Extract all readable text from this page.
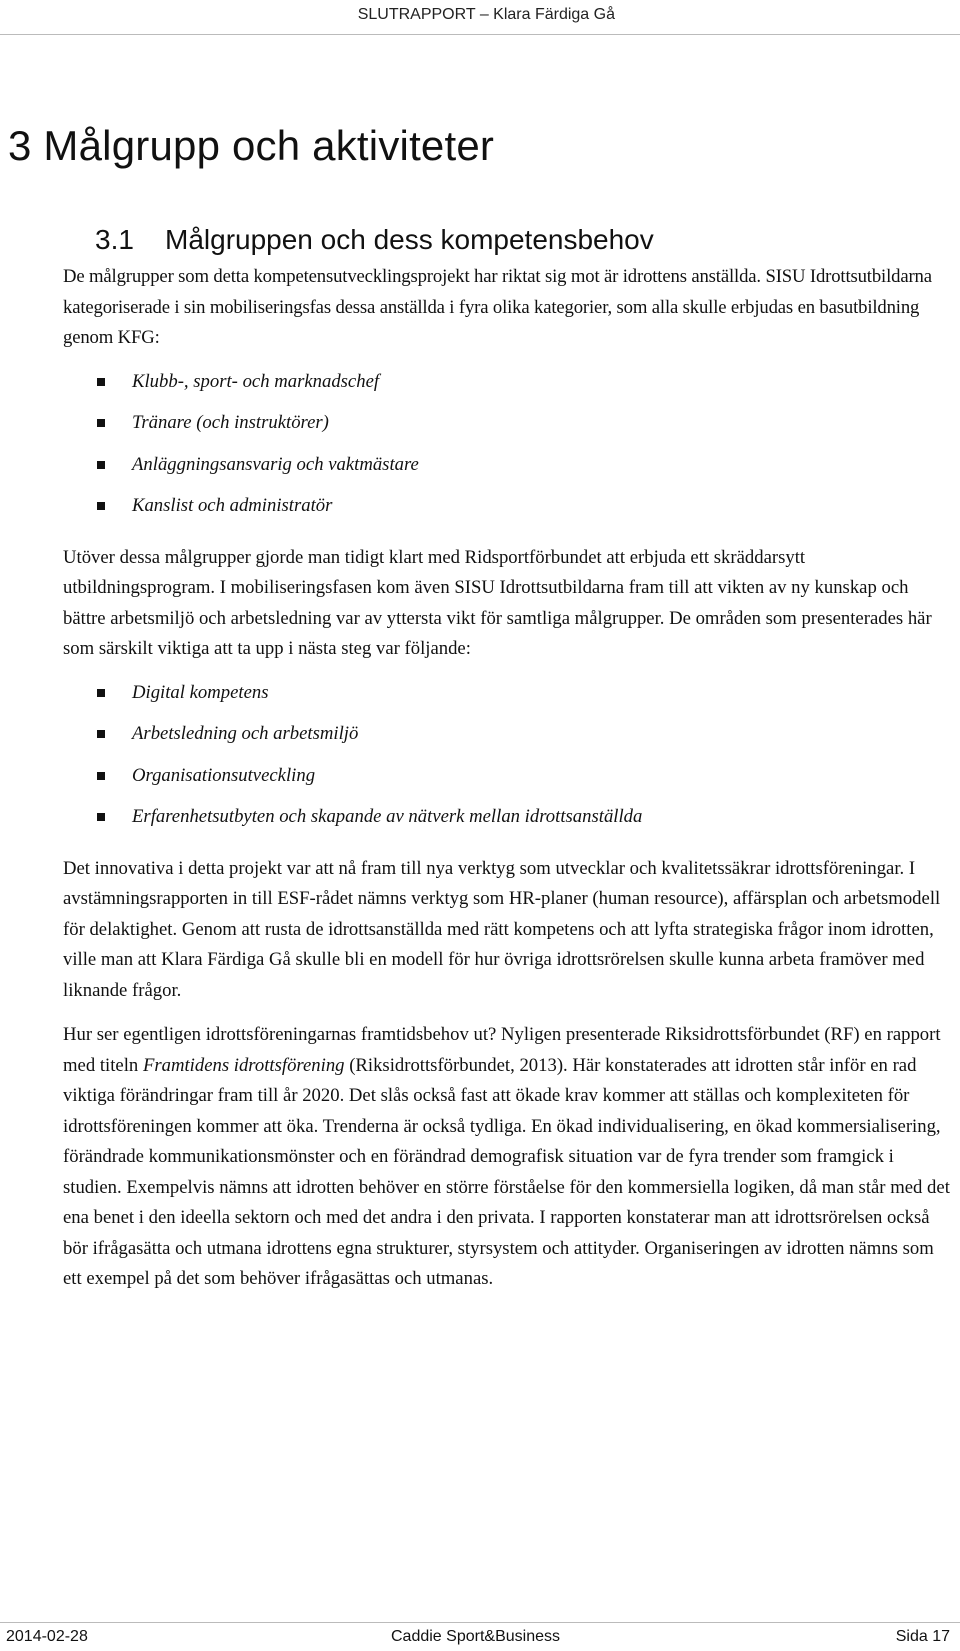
SLUTRAPPORT – Klara Färdiga Gå
3 Målgrupp och aktiviteter
3.1 Målgruppen och dess kompetensbehov

De målgrupper som detta kompetensutvecklingsprojekt har riktat sig mot är idrottens anställda. SISU Idrottsutbildarna kategoriserade i sin mobiliseringsfas dessa anställda i fyra olika kategorier, som alla skulle erbjudas en basutbildning genom KFG:

Klubb-, sport- och marknadschef
Tränare (och instruktörer)
Anläggningsansvarig och vaktmästare
Kanslist och administratör

Utöver dessa målgrupper gjorde man tidigt klart med Ridsportförbundet att erbjuda ett skräddarsytt utbildningsprogram. I mobiliseringsfasen kom även SISU Idrottsutbildarna fram till att vikten av ny kunskap och bättre arbetsmiljö och arbetsledning var av yttersta vikt för samtliga målgrupper. De områden som presenterades här som särskilt viktiga att ta upp i nästa steg var följande:

Digital kompetens
Arbetsledning och arbetsmiljö
Organisationsutveckling
Erfarenhetsutbyten och skapande av nätverk mellan idrottsanställda

Det innovativa i detta projekt var att nå fram till nya verktyg som utvecklar och kvalitetssäkrar idrottsföreningar. I avstämningsrapporten in till ESF-rådet nämns verktyg som HR-planer (human resource), affärsplan och arbetsmodell för delaktighet. Genom att rusta de idrottsanställda med rätt kompetens och att lyfta strategiska frågor inom idrotten, ville man att Klara Färdiga Gå skulle bli en modell för hur övriga idrottsrörelsen skulle kunna arbeta framöver med liknande frågor.

Hur ser egentligen idrottsföreningarnas framtidsbehov ut? Nyligen presenterade Riksidrottsförbundet (RF) en rapport med titeln Framtidens idrottsförening (Riksidrottsförbundet, 2013). Här konstaterades att idrotten står inför en rad viktiga förändringar fram till år 2020. Det slås också fast att ökade krav kommer att ställas och komplexiteten för idrottsföreningen kommer att öka. Trenderna är också tydliga. En ökad individualisering, en ökad kommersialisering, förändrade kommunikationsmönster och en förändrad demografisk situation var de fyra trender som framgick i studien. Exempelvis nämns att idrotten behöver en större förståelse för den kommersiella logiken, då man står med det ena benet i den ideella sektorn och med det andra i den privata. I rapporten konstaterar man att idrottsrörelsen också bör ifrågasätta och utmana idrottens egna strukturer, styrsystem och attityder. Organiseringen av idrotten nämns som ett exempel på det som behöver ifrågasättas och utmanas.

2014-02-28	Caddie Sport&Business	Sida 17
